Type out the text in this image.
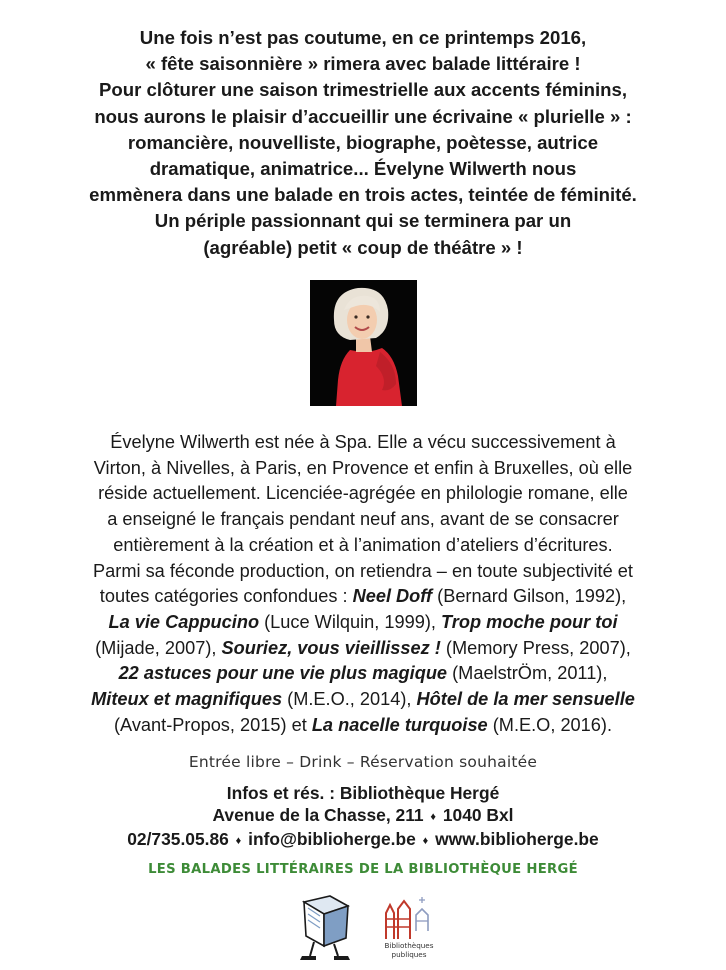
Une fois n’est pas coutume, en ce printemps 2016,
« fête saisonnière » rimera avec balade littéraire !
Pour clôturer une saison trimestrielle aux accents féminins,
nous aurons le plaisir d’accueillir une écrivaine « plurielle » :
romancière, nouvelliste, biographe, poètesse, autrice
dramatique, animatrice... Évelyne Wilwerth nous
emmènera dans une balade en trois actes, teintée de féminité.
Un périple passionnant qui se terminera par un
(agréable) petit « coup de théâtre » !
Évelyne Wilwerth est née à Spa. Elle a vécu successivement à
Virton, à Nivelles, à Paris, en Provence et enfin à Bruxelles, où elle
réside actuellement. Licenciée-agrégée en philologie romane, elle
a enseigné le français pendant neuf ans, avant de se consacrer
entièrement à la création et à l’animation d’ateliers d’écritures.
Parmi sa féconde production, on retiendra – en toute subjectivité et
toutes catégories confondues : Neel Doff (Bernard Gilson, 1992),
La vie Cappucino (Luce Wilquin, 1999), Trop moche pour toi
(Mijade, 2007), Souriez, vous vieillissez ! (Memory Press, 2007),
22 astuces pour une vie plus magique (MaelstrÖm, 2011),
Miteux et magnifiques (M.E.O., 2014), Hôtel de la mer sensuelle
(Avant-Propos, 2015) et La nacelle turquoise (M.E.O, 2016).
Entrée libre – Drink – Réservation souhaitée
Infos et rés. : Bibliothèque Hergé
Avenue de la Chasse, 211 ♦ 1040 Bxl
02/735.05.86 ♦ info@biblioherge.be ♦ www.biblioherge.be
LES BALADES LITTÉRAIRES DE LA BIBLIOTHÈQUE HERGÉ
Bibliothèques
publiques
